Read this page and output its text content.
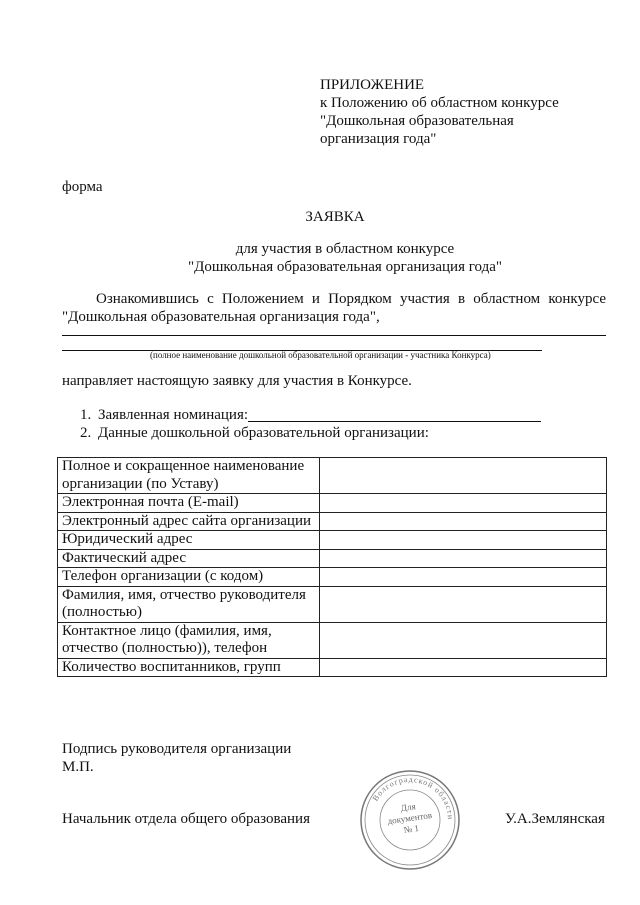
ПРИЛОЖЕНИЕ
к Положению об областном конкурсе
"Дошкольная образовательная
организация года"
форма
ЗАЯВКА
для участия в областном конкурсе
"Дошкольная образовательная организация года"
Ознакомившись с Положением и Порядком участия в областном конкурсе "Дошкольная образовательная организация года",
(полное наименование дошкольной образовательной организации - участника Конкурса)
направляет настоящую заявку для участия в Конкурсе.
1. Заявленная номинация:
2. Данные дошкольной образовательной организации:
Полное и сокращенное наименование организации (по Уставу)	
Электронная почта (E-mail)	
Электронный адрес сайта организации	
Юридический адрес	
Фактический адрес	
Телефон организации (с кодом)	
Фамилия, имя, отчество руководителя (полностью)	
Контактное лицо (фамилия, имя, отчество (полностью)), телефон	
Количество воспитанников, групп	
Подпись руководителя организации
М.П.
Начальник отдела общего образования
Волгоградской области
Для
документов
№ 1
У.А.Землянская
